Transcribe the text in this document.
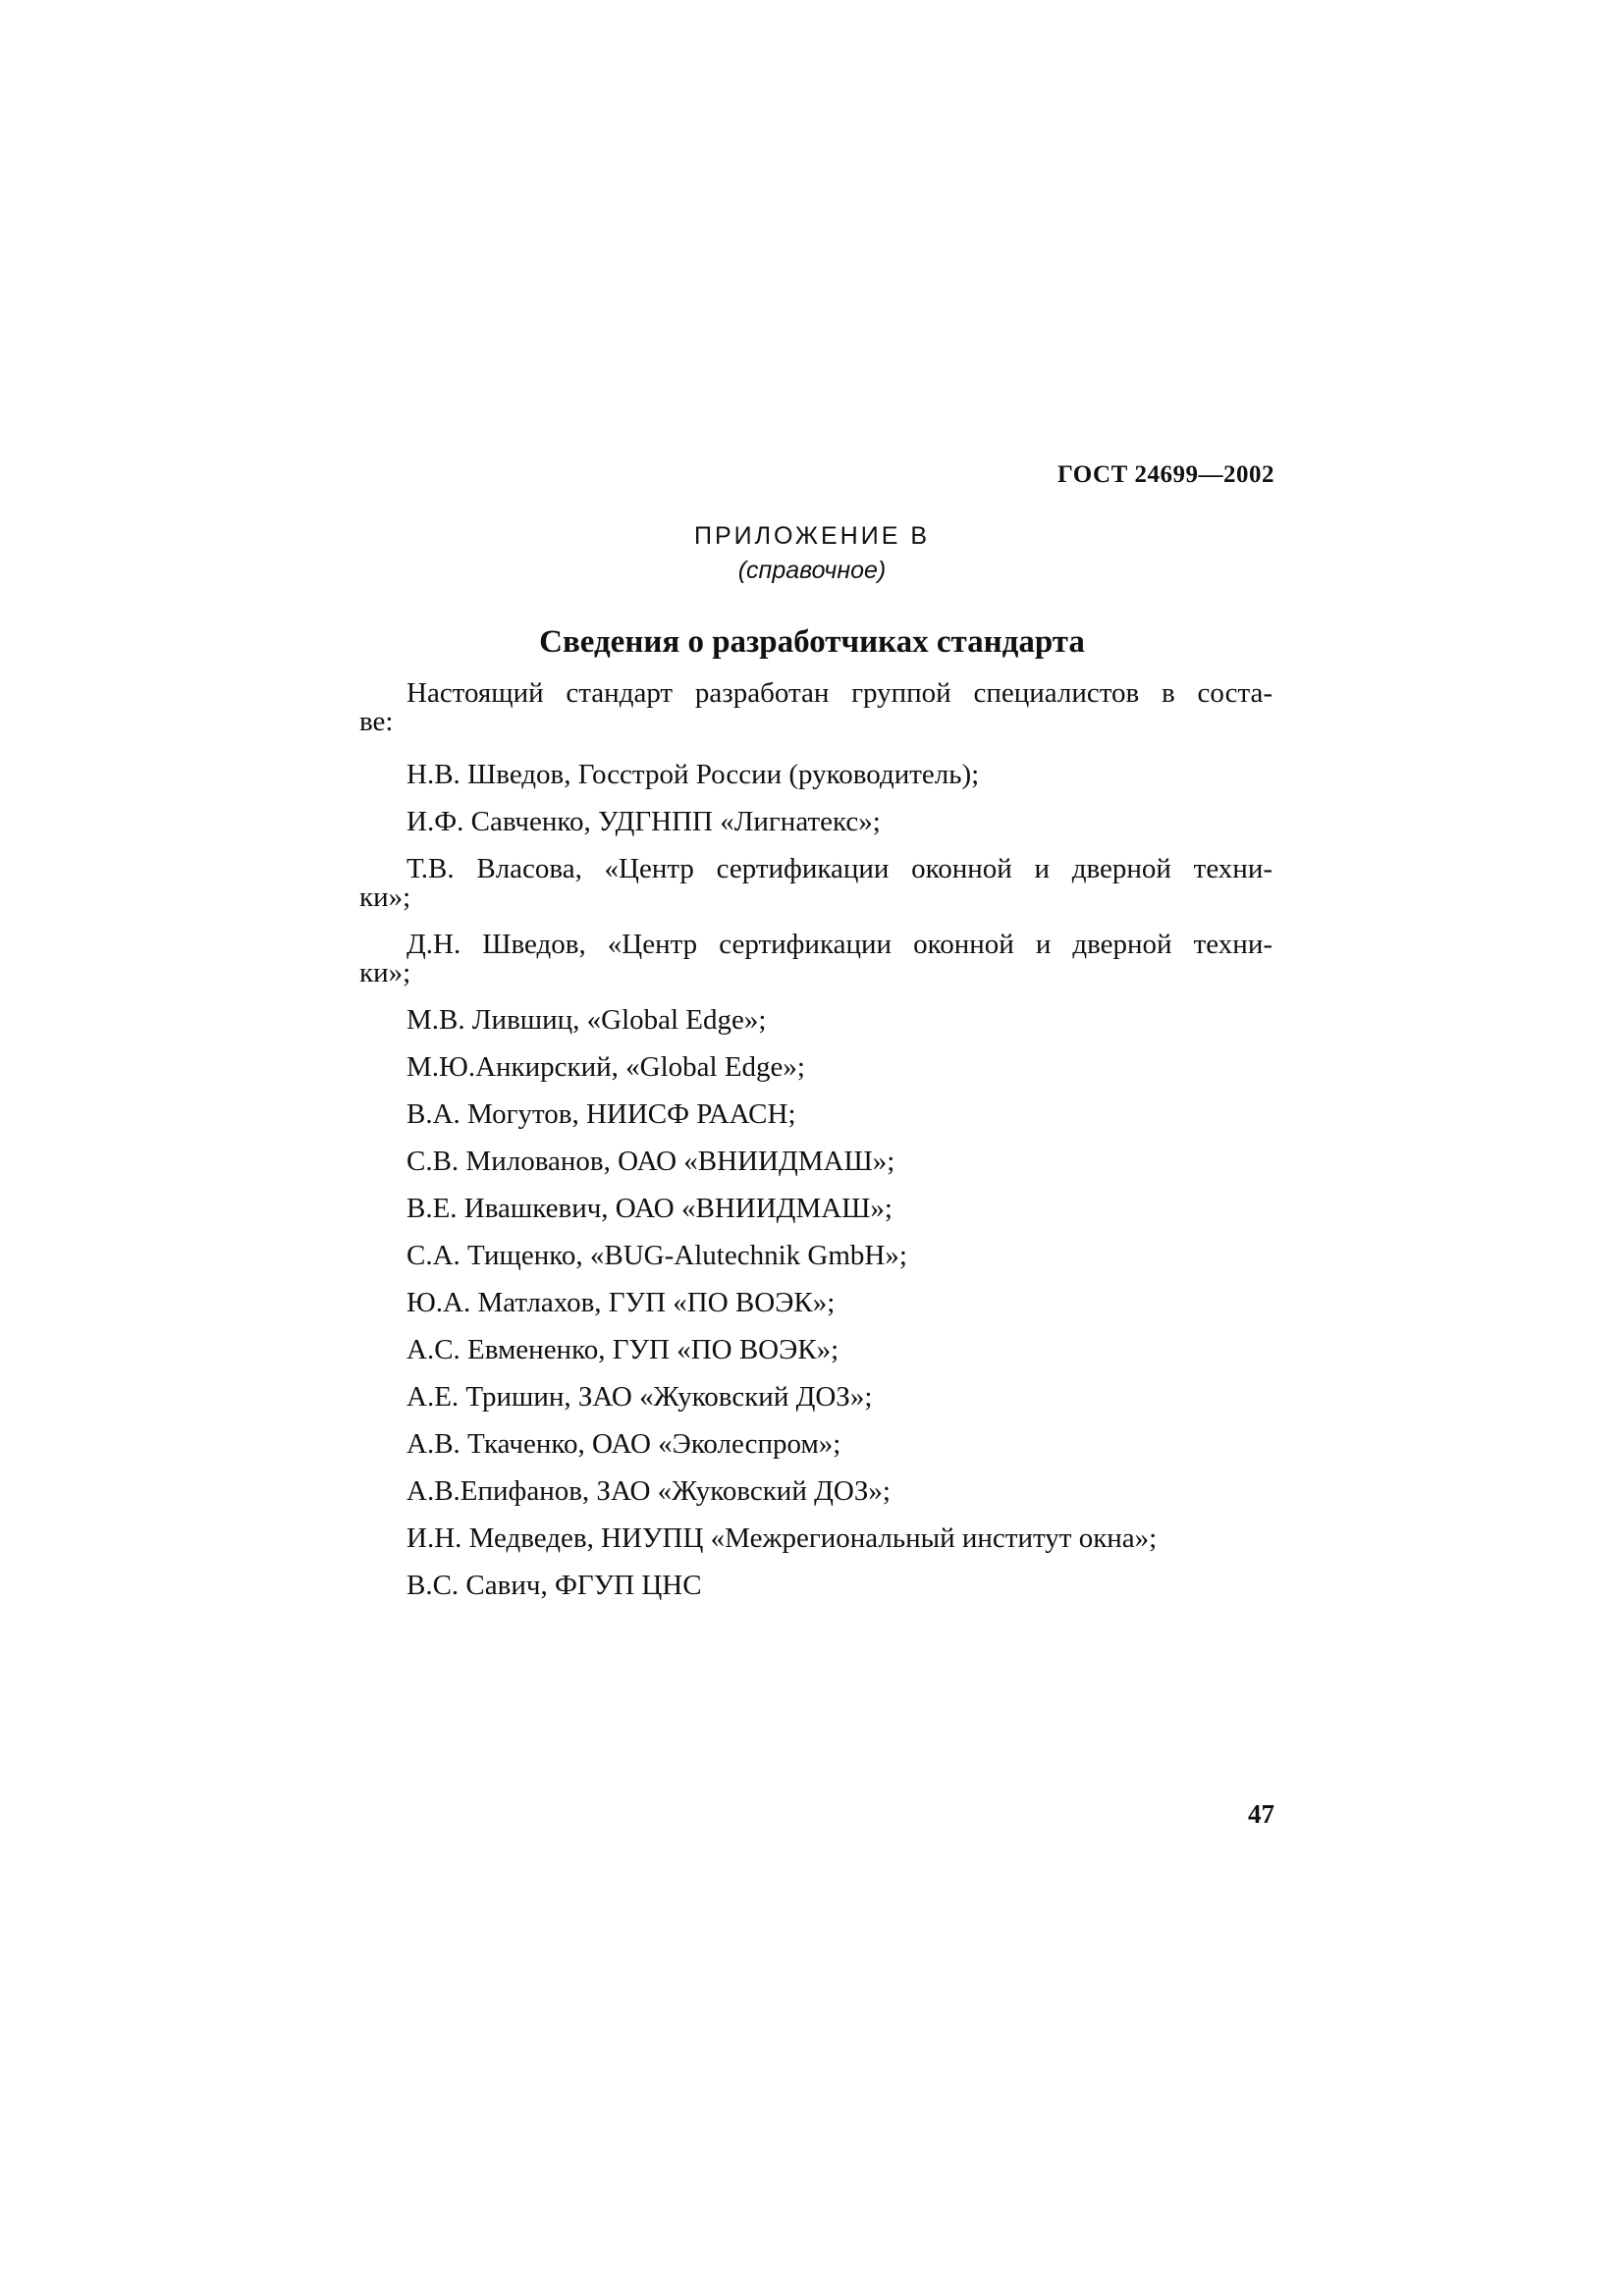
ГОСТ 24699—2002
ПРИЛОЖЕНИЕ В
(справочное)
Сведения о разработчиках стандарта
Настоящий стандарт разработан группой специалистов в соста-
ве:
Н.В. Шведов, Госстрой России (руководитель);
И.Ф. Савченко, УДГНПП «Лигнатекс»;
Т.В. Власова, «Центр сертификации оконной и дверной техни-
ки»;
Д.Н. Шведов, «Центр сертификации оконной и дверной техни-
ки»;
М.В. Лившиц, «Global Edge»;
М.Ю.Анкирский, «Global Edge»;
В.А. Могутов, НИИСФ РААСН;
С.В. Милованов, ОАО «ВНИИДМАШ»;
В.Е. Ивашкевич, ОАО «ВНИИДМАШ»;
С.А. Тищенко, «BUG-Alutechnik GmbH»;
Ю.А. Матлахов, ГУП «ПО ВОЭК»;
А.С. Евмененко, ГУП «ПО ВОЭК»;
А.Е. Тришин, ЗАО «Жуковский ДОЗ»;
А.В. Ткаченко, ОАО «Эколеспром»;
А.В.Епифанов, ЗАО «Жуковский ДОЗ»;
И.Н. Медведев, НИУПЦ «Межрегиональный институт окна»;
В.С. Савич, ФГУП ЦНС
47
